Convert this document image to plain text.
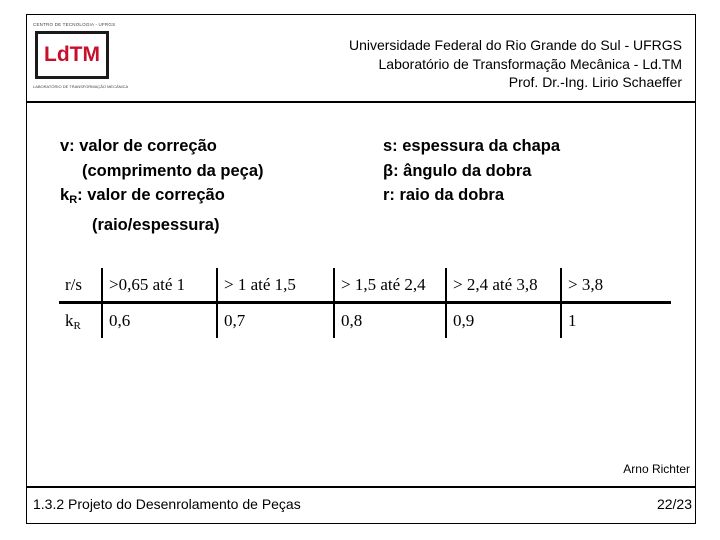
CENTRO DE TECNOLOGIA - UFRGS
LdTM
LABORATÓRIO DE TRANSFORMAÇÃO MECÂNICA
Universidade Federal do Rio Grande do Sul - UFRGS
Laboratório de Transformação Mecânica - Ld.TM
Prof. Dr.-Ing. Lirio Schaeffer
v: valor de correção
(comprimento da peça)
$k_R$: valor de correção
(raio/espessura)
s: espessura da chapa
β: ângulo da dobra
r: raio da dobra
r/s	>0,65 até 1	> 1 até 1,5	> 1,5 até 2,4	> 2,4 até 3,8	> 3,8
$k_R$	0,6	0,7	0,8	0,9	1
Arno Richter
1.3.2 Projeto do Desenrolamento de Peças	22/23
